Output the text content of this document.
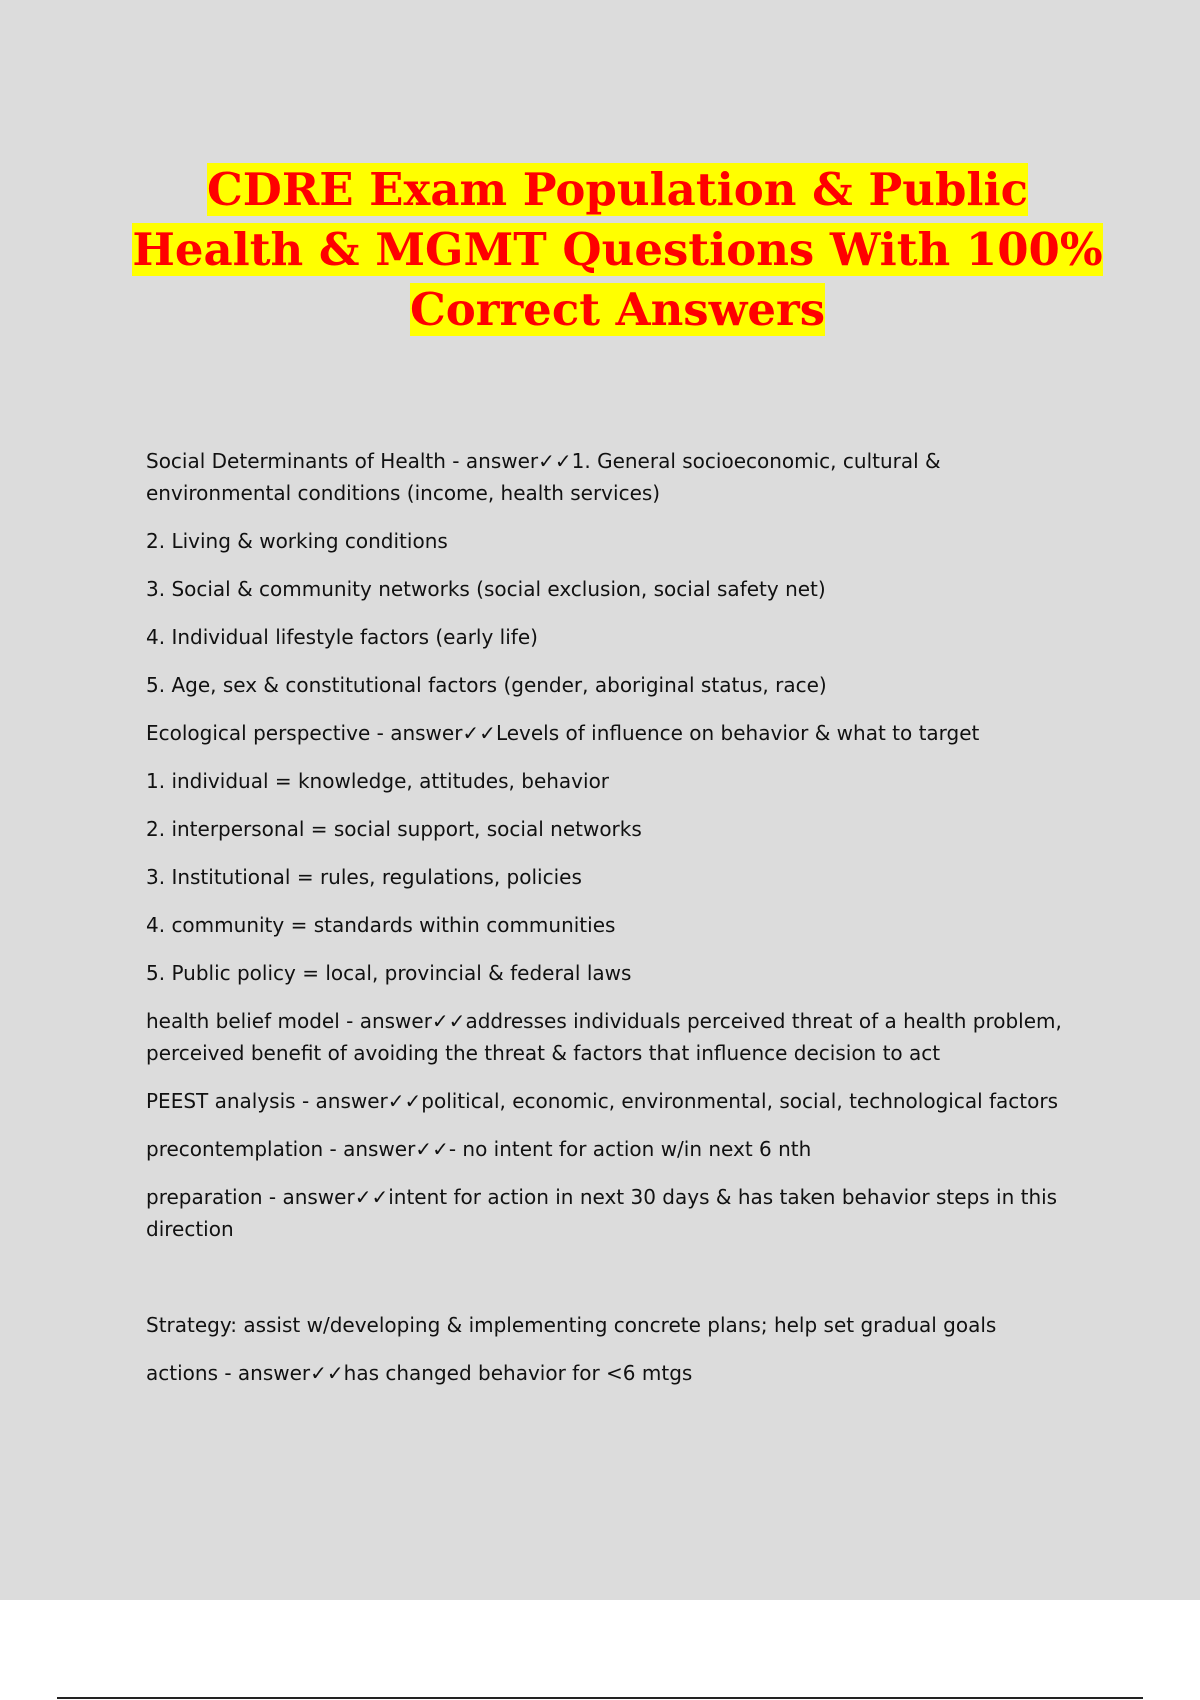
CDRE Exam Population & Public Health & MGMT Questions With 100% Correct Answers

Social Determinants of Health - answer✓✓1. General socioeconomic, cultural & environmental conditions (income, health services)

2. Living & working conditions

3. Social & community networks (social exclusion, social safety net)

4. Individual lifestyle factors (early life)

5. Age, sex & constitutional factors (gender, aboriginal status, race)

Ecological perspective - answer✓✓Levels of influence on behavior & what to target

1. individual = knowledge, attitudes, behavior

2. interpersonal = social support, social networks

3. Institutional = rules, regulations, policies

4. community = standards within communities

5. Public policy = local, provincial & federal laws

health belief model - answer✓✓addresses individuals perceived threat of a health problem, perceived benefit of avoiding the threat & factors that influence decision to act

PEEST analysis - answer✓✓political, economic, environmental, social, technological factors

precontemplation - answer✓✓- no intent for action w/in next 6 nth

preparation - answer✓✓intent for action in next 30 days & has taken behavior steps in this direction

Strategy: assist w/developing & implementing concrete plans; help set gradual goals

actions - answer✓✓has changed behavior for <6 mtgs
